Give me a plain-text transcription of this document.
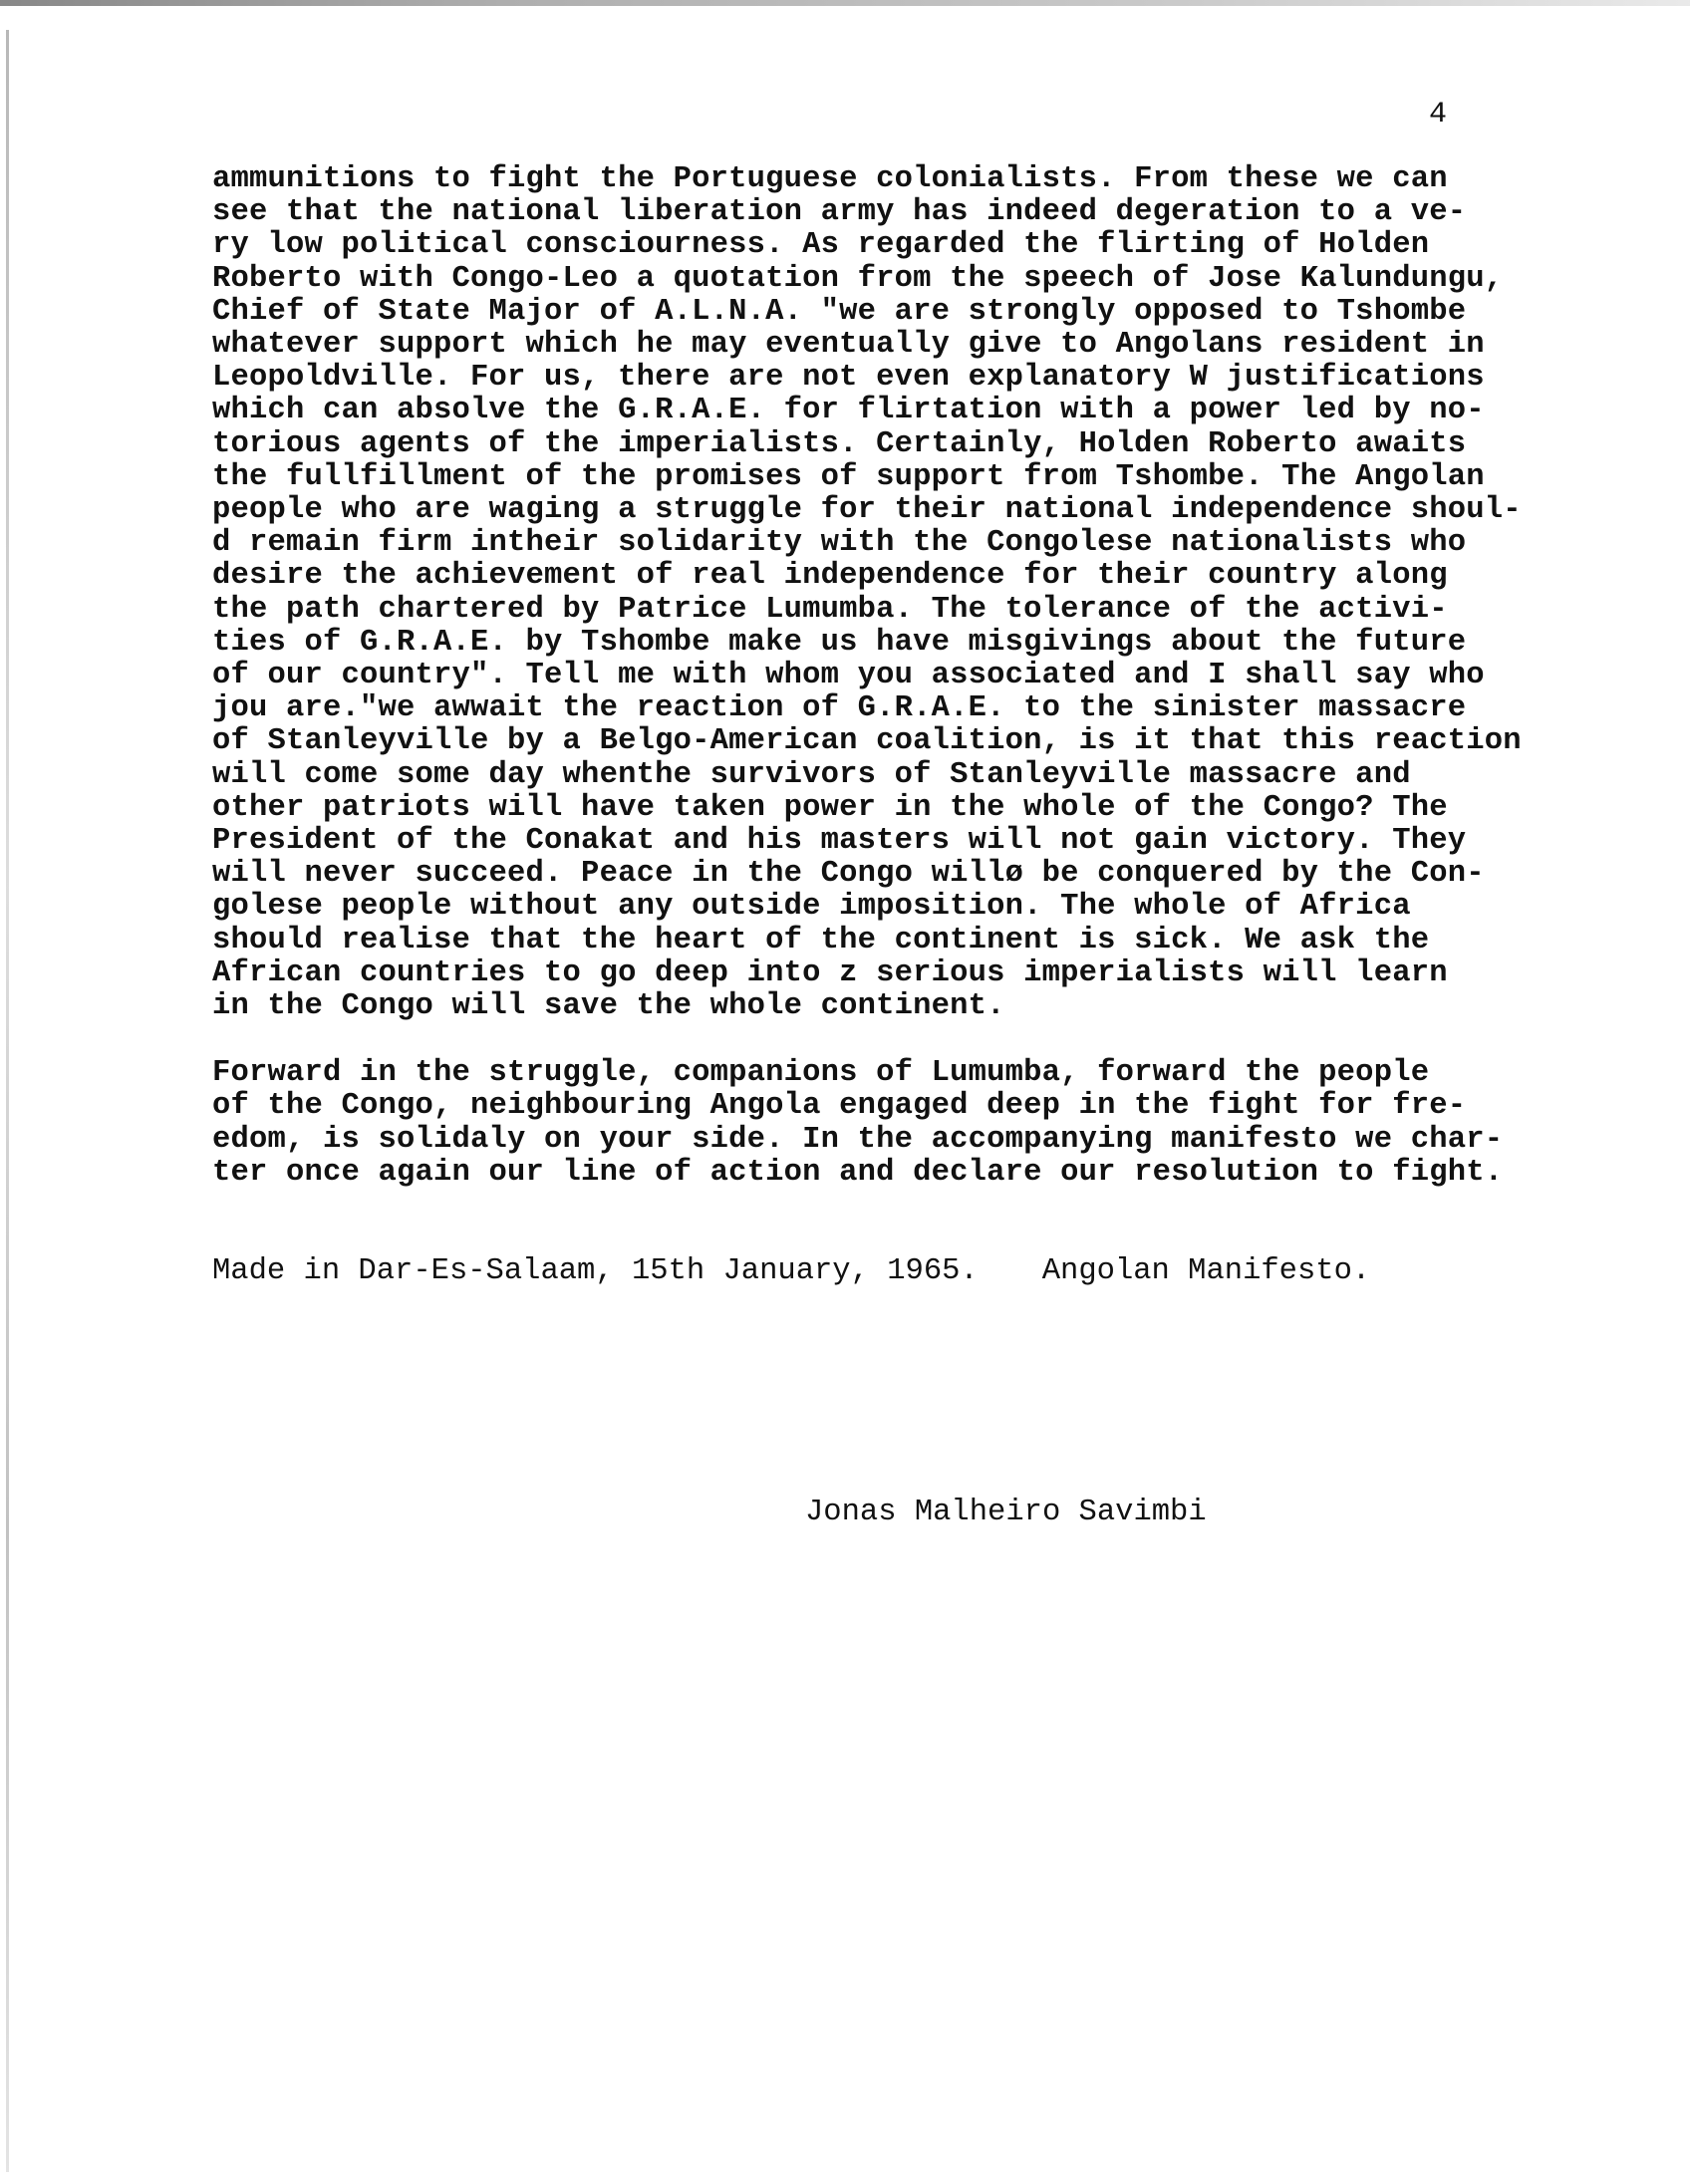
4
ammunitions to fight the Portuguese colonialists. From these we can
see that the national liberation army has indeed degeration to a ve-
ry low political consciourness. As regarded the flirting of Holden
Roberto with Congo-Leo a quotation from the speech of Jose Kalundungu,
Chief of State Major of A.L.N.A. "we are strongly opposed to Tshombe
whatever support which he may eventually give to Angolans resident in
Leopoldville. For us, there are not even explanatory W justifications
which can absolve the G.R.A.E. for flirtation with a power led by no-
torious agents of the imperialists. Certainly, Holden Roberto awaits
the fullfillment of the promises of support from Tshombe. The Angolan
people who are waging a struggle for their national independence shoul-
d remain firm intheir solidarity with the Congolese nationalists who
desire the achievement of real independence for their country along
the path chartered by Patrice Lumumba. The tolerance of the activi-
ties of G.R.A.E. by Tshombe make us have misgivings about the future
of our country". Tell me with whom you associated and I shall say who
jou are."we awwait the reaction of G.R.A.E. to the sinister massacre
of Stanleyville by a Belgo-American coalition, is it that this reaction
will come some day whenthe survivors of Stanleyville massacre and
other patriots will have taken power in the whole of the Congo? The
President of the Conakat and his masters will not gain victory. They
will never succeed. Peace in the Congo willø be conquered by the Con-
golese people without any outside imposition. The whole of Africa
should realise that the heart of the continent is sick. We ask the
African countries to go deep into z serious imperialists will learn
in the Congo will save the whole continent.
Forward in the struggle, companions of Lumumba, forward the people
of the Congo, neighbouring Angola engaged deep in the fight for fre-
edom, is solidaly on your side. In the accompanying manifesto we char-
ter once again our line of action and declare our resolution to fight.
Made in Dar-Es-Salaam, 15th January, 1965. Angolan Manifesto.
Jonas Malheiro Savimbi
